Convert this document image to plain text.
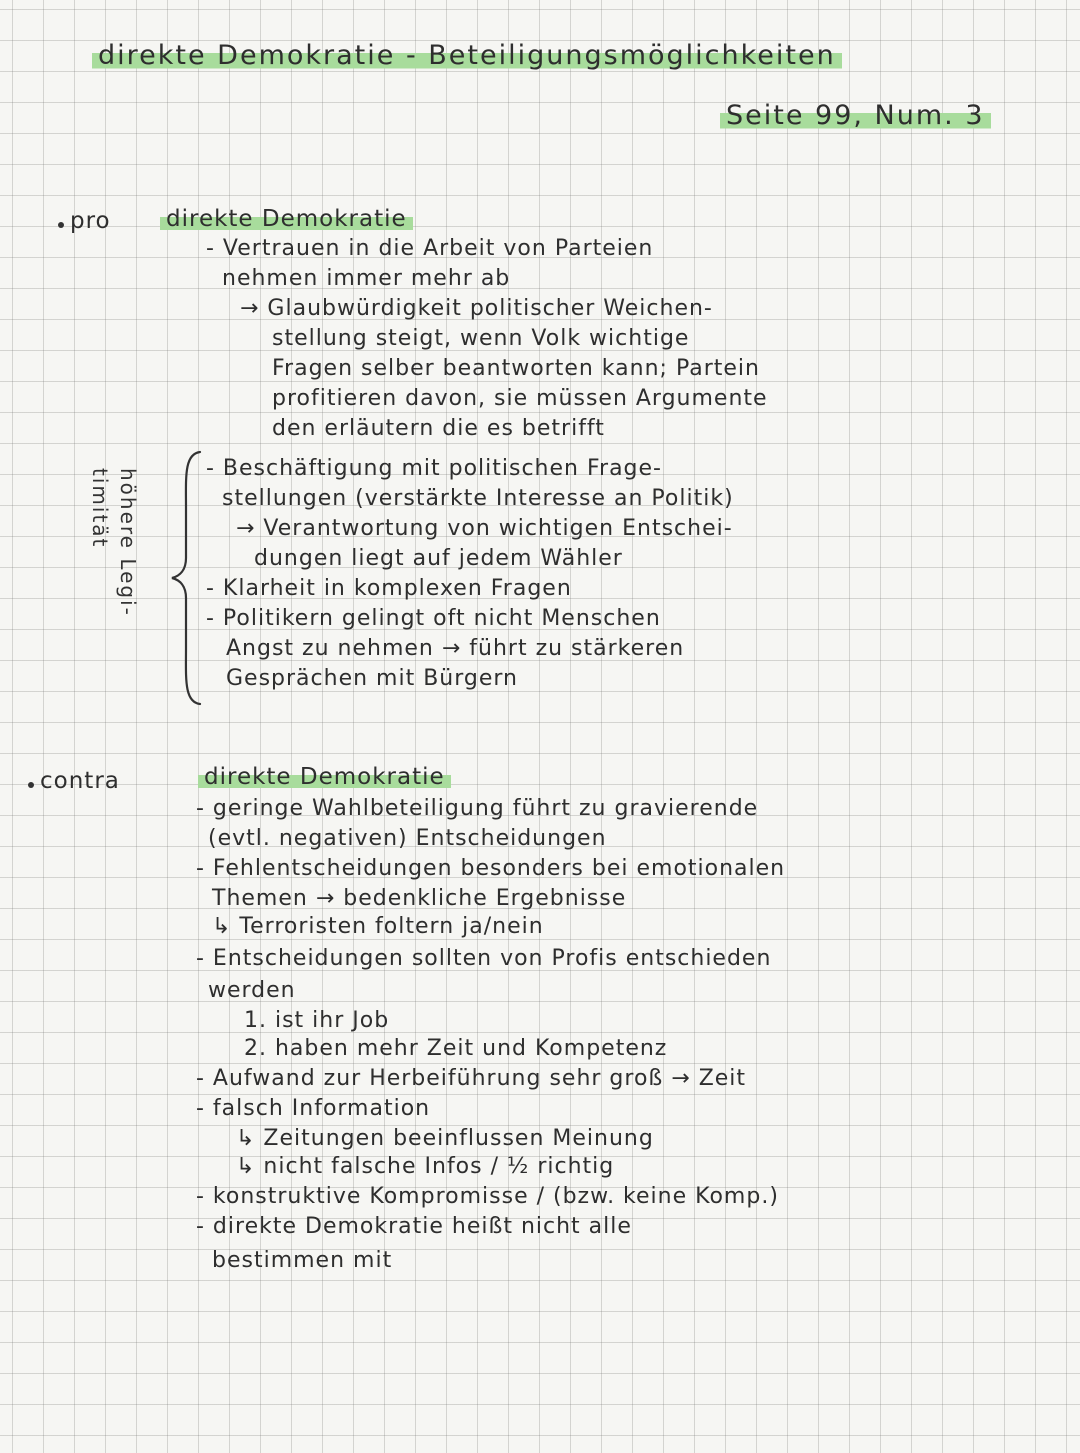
direkte Demokratie - Beteiligungsmöglichkeiten
Seite 99, Num. 3
pro direkte Demokratie
- Vertrauen in die Arbeit von Parteien
nehmen immer mehr ab
→ Glaubwürdigkeit politischer Weichen-
stellung steigt, wenn Volk wichtige
Fragen selber beantworten kann; Partein
profitieren davon, sie müssen Argumente
den erläutern die es betrifft
- Beschäftigung mit politischen Frage-
stellungen (verstärkte Interesse an Politik)
→ Verantwortung von wichtigen Entschei-
dungen liegt auf jedem Wähler
- Klarheit in komplexen Fragen
- Politikern gelingt oft nicht Menschen
Angst zu nehmen → führt zu stärkeren
Gesprächen mit Bürgern
höhere Legi-
timität
contra	direkte Demokratie
- geringe Wahlbeteiligung führt zu gravierende
(evtl. negativen) Entscheidungen
- Fehlentscheidungen besonders bei emotionalen
Themen → bedenkliche Ergebnisse
↳ Terroristen foltern ja/nein
- Entscheidungen sollten von Profis entschieden
werden
1. ist ihr Job
2. haben mehr Zeit und Kompetenz
- Aufwand zur Herbeiführung sehr groß → Zeit
- falsch Information
↳ Zeitungen beeinflussen Meinung
↳ nicht falsche Infos / ½ richtig
- konstruktive Kompromisse / (bzw. keine Komp.)
- direkte Demokratie heißt nicht alle
bestimmen mit
